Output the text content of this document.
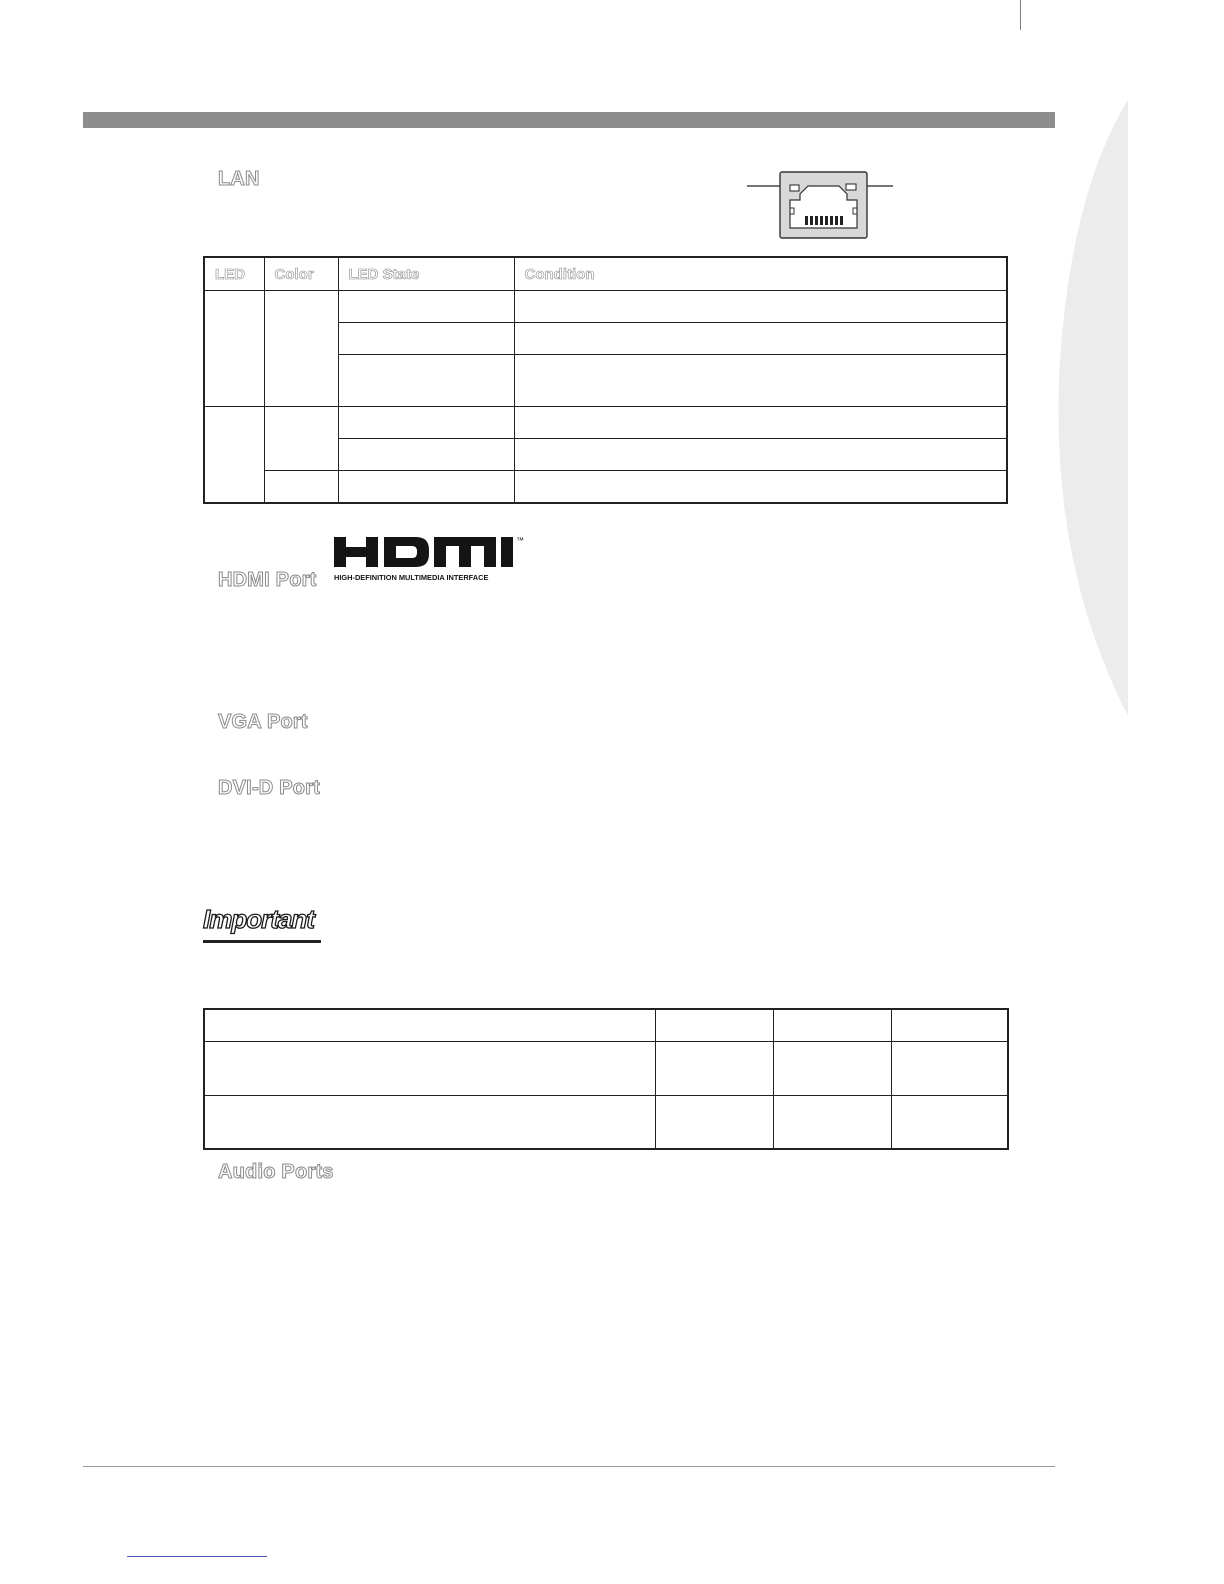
LAN
LED	Color	LED State	Condition

HDMI Port
™
HIGH-DEFINITION MULTIMEDIA INTERFACE
VGA Port
DVI-D Port
Important

Audio Ports
